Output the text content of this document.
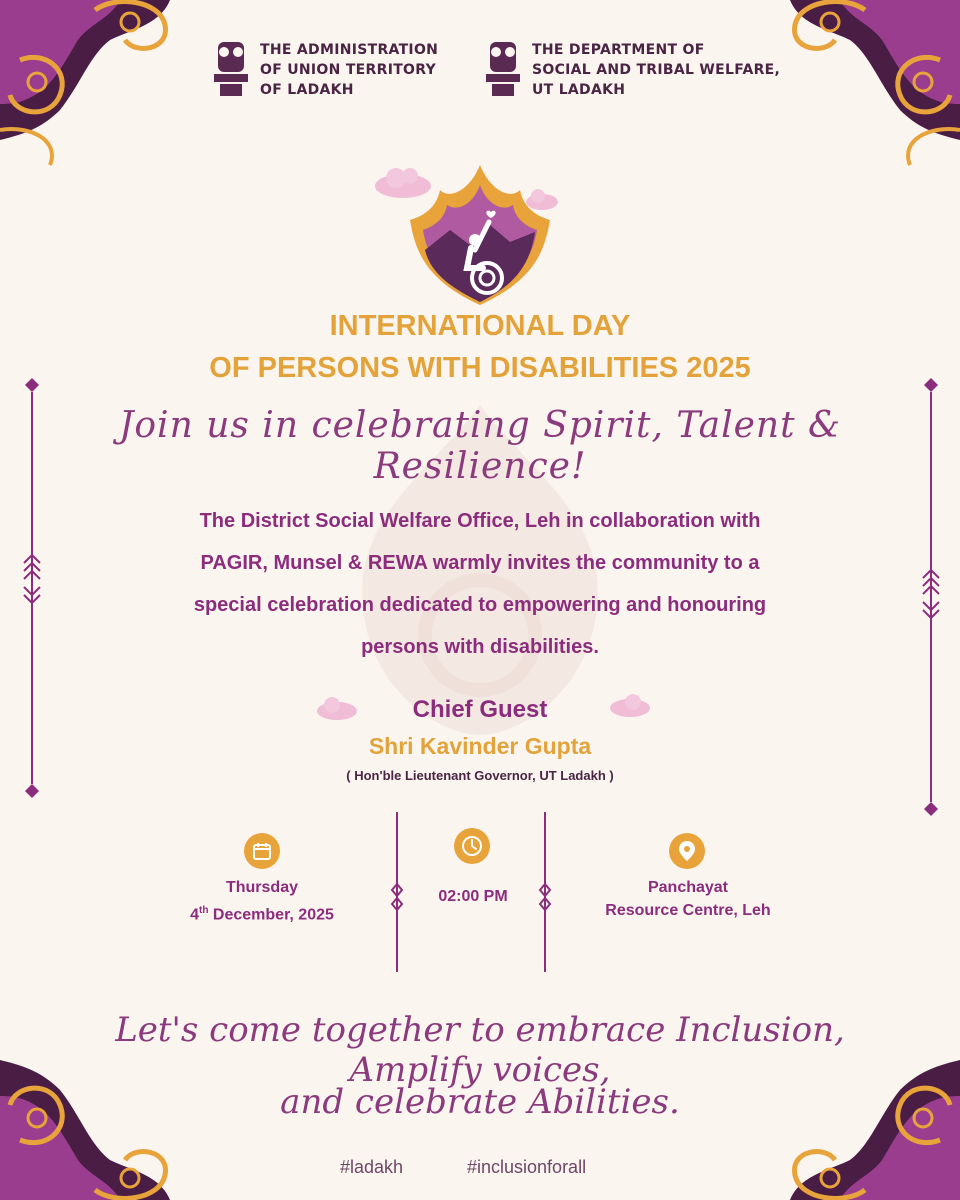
THE ADMINISTRATION
OF UNION TERRITORY
OF LADAKH
THE DEPARTMENT OF
SOCIAL AND TRIBAL WELFARE,
UT LADAKH
INTERNATIONAL DAY
OF PERSONS WITH DISABILITIES 2025
Join us in celebrating Spirit, Talent & Resilience!
The District Social Welfare Office, Leh in collaboration with
PAGIR, Munsel & REWA warmly invites the community to a
special celebration dedicated to empowering and honouring
persons with disabilities.
Chief Guest
Shri Kavinder Gupta
( Hon'ble Lieutenant Governor, UT Ladakh )
Thursday
4th December, 2025
02:00 PM
Panchayat
Resource Centre, Leh
Let's come together to embrace Inclusion, Amplify voices,
and celebrate Abilities.
#ladakh	#inclusionforall
